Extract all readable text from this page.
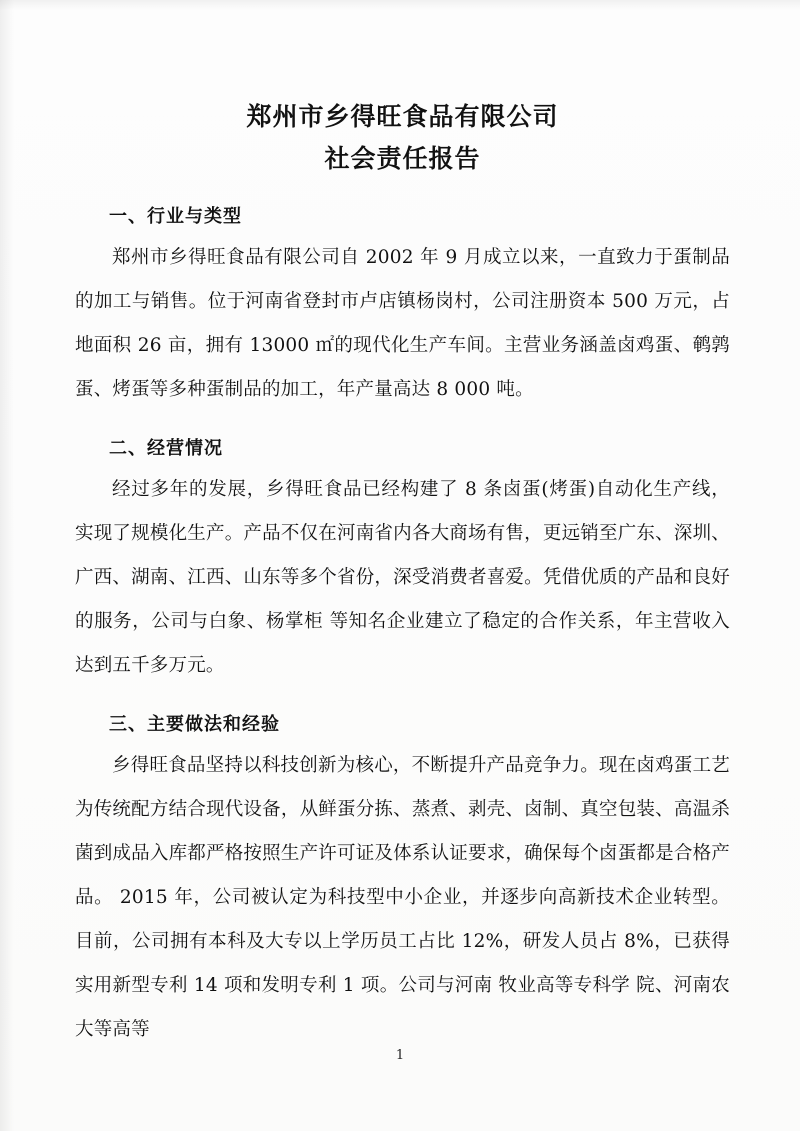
郑州市乡得旺食品有限公司
社会责任报告
一、行业与类型

郑州市乡得旺食品有限公司自 2002 年 9 月成立以来，一直致力于蛋制品的加工与销售。位于河南省登封市卢店镇杨岗村，公司注册资本 500 万元，占地面积 26 亩，拥有 13000 ㎡的现代化生产车间。主营业务涵盖卤鸡蛋、鹌鹑蛋、烤蛋等多种蛋制品的加工，年产量高达 8 000 吨。

二、经营情况

经过多年的发展，乡得旺食品已经构建了 8 条卤蛋(烤蛋)自动化生产线，实现了规模化生产。产品不仅在河南省内各大商场有售，更远销至广东、深圳、广西、湖南、江西、山东等多个省份，深受消费者喜爱。凭借优质的产品和良好的服务，公司与白象、杨掌柜 等知名企业建立了稳定的合作关系，年主营收入达到五千多万元。

三、主要做法和经验

乡得旺食品坚持以科技创新为核心，不断提升产品竞争力。现在卤鸡蛋工艺为传统配方结合现代设备，从鲜蛋分拣、蒸煮、剥壳、卤制、真空包装、高温杀菌到成品入库都严格按照生产许可证及体系认证要求，确保每个卤蛋都是合格产品。 2015 年，公司被认定为科技型中小企业，并逐步向高新技术企业转型。目前，公司拥有本科及大专以上学历员工占比 12%，研发人员占 8%，已获得实用新型专利 14 项和发明专利 1 项。公司与河南 牧业高等专科学 院、河南农大等高等

1
